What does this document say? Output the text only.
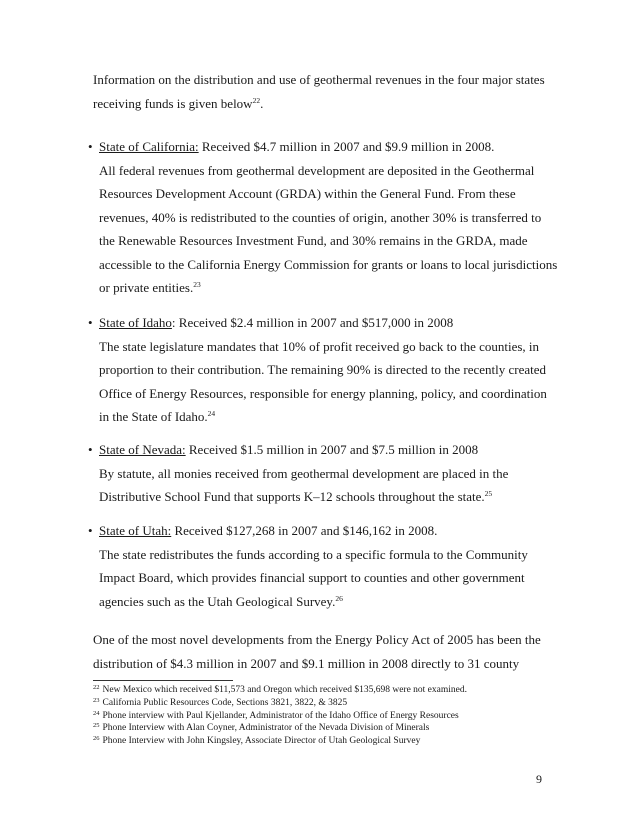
Information on the distribution and use of geothermal revenues in the four major states receiving funds is given below$^{22}$.
• State of California: Received $4.7 million in 2007 and $9.9 million in 2008.
All federal revenues from geothermal development are deposited in the Geothermal Resources Development Account (GRDA) within the General Fund. From these revenues, 40% is redistributed to the counties of origin, another 30% is transferred to the Renewable Resources Investment Fund, and 30% remains in the GRDA, made accessible to the California Energy Commission for grants or loans to local jurisdictions or private entities.$^{23}$
• State of Idaho: Received $2.4 million in 2007 and $517,000 in 2008
The state legislature mandates that 10% of profit received go back to the counties, in proportion to their contribution. The remaining 90% is directed to the recently created Office of Energy Resources, responsible for energy planning, policy, and coordination in the State of Idaho.$^{24}$
• State of Nevada: Received $1.5 million in 2007 and $7.5 million in 2008
By statute, all monies received from geothermal development are placed in the Distributive School Fund that supports K–12 schools throughout the state.$^{25}$
• State of Utah: Received $127,268 in 2007 and $146,162 in 2008.
The state redistributes the funds according to a specific formula to the Community Impact Board, which provides financial support to counties and other government agencies such as the Utah Geological Survey.$^{26}$
One of the most novel developments from the Energy Policy Act of 2005 has been the distribution of $4.3 million in 2007 and $9.1 million in 2008 directly to 31 county
$^{22}$ New Mexico which received $11,573 and Oregon which received $135,698 were not examined.
$^{23}$ California Public Resources Code, Sections 3821, 3822, & 3825
$^{24}$ Phone interview with Paul Kjellander, Administrator of the Idaho Office of Energy Resources
$^{25}$ Phone Interview with Alan Coyner, Administrator of the Nevada Division of Minerals
$^{26}$ Phone Interview with John Kingsley, Associate Director of Utah Geological Survey
9
